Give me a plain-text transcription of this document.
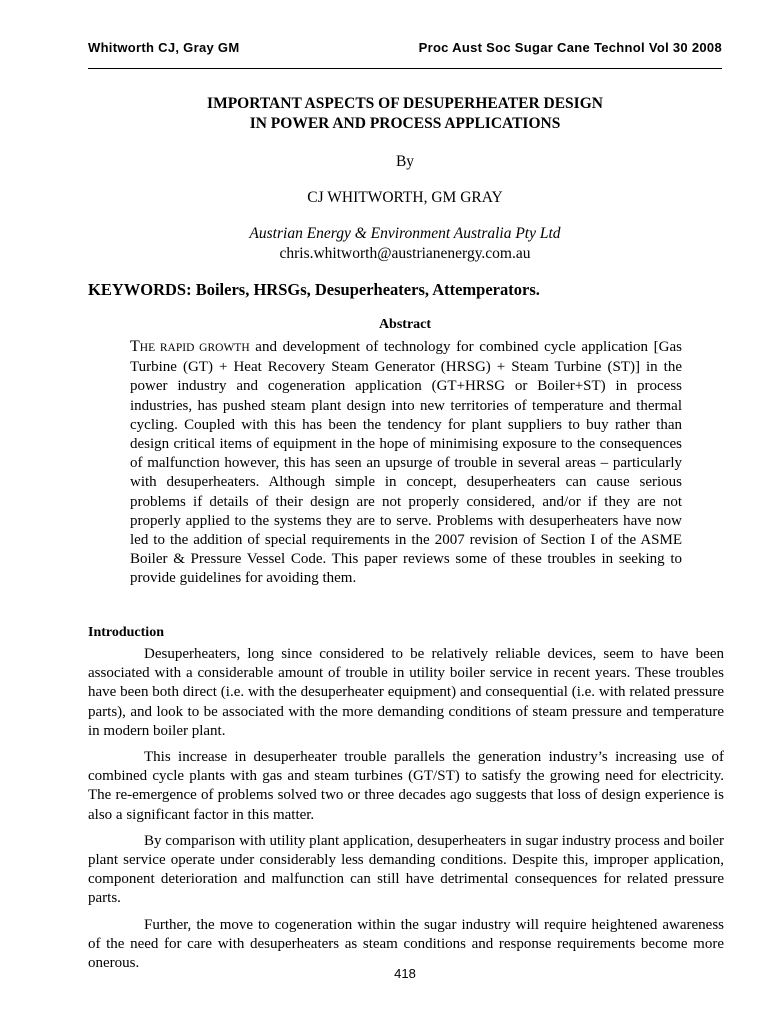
Whitworth CJ, Gray GM	Proc Aust Soc Sugar Cane Technol Vol 30 2008
IMPORTANT ASPECTS OF DESUPERHEATER DESIGN
IN POWER AND PROCESS APPLICATIONS
By
CJ WHITWORTH, GM GRAY
Austrian Energy & Environment Australia Pty Ltd
chris.whitworth@austrianenergy.com.au
KEYWORDS: Boilers, HRSGs, Desuperheaters, Attemperators.
Abstract
THE RAPID GROWTH and development of technology for combined cycle application [Gas Turbine (GT) + Heat Recovery Steam Generator (HRSG) + Steam Turbine (ST)] in the power industry and cogeneration application (GT+HRSG or Boiler+ST) in process industries, has pushed steam plant design into new territories of temperature and thermal cycling. Coupled with this has been the tendency for plant suppliers to buy rather than design critical items of equipment in the hope of minimising exposure to the consequences of malfunction however, this has seen an upsurge of trouble in several areas – particularly with desuperheaters. Although simple in concept, desuperheaters can cause serious problems if details of their design are not properly considered, and/or if they are not properly applied to the systems they are to serve. Problems with desuperheaters have now led to the addition of special requirements in the 2007 revision of Section I of the ASME Boiler & Pressure Vessel Code. This paper reviews some of these troubles in seeking to provide guidelines for avoiding them.
Introduction

Desuperheaters, long since considered to be relatively reliable devices, seem to have been associated with a considerable amount of trouble in utility boiler service in recent years. These troubles have been both direct (i.e. with the desuperheater equipment) and consequential (i.e. with related pressure parts), and look to be associated with the more demanding conditions of steam pressure and temperature in modern boiler plant.

This increase in desuperheater trouble parallels the generation industry’s increasing use of combined cycle plants with gas and steam turbines (GT/ST) to satisfy the growing need for electricity. The re-emergence of problems solved two or three decades ago suggests that loss of design experience is also a significant factor in this matter.

By comparison with utility plant application, desuperheaters in sugar industry process and boiler plant service operate under considerably less demanding conditions. Despite this, improper application, component deterioration and malfunction can still have detrimental consequences for related pressure parts.

Further, the move to cogeneration within the sugar industry will require heightened awareness of the need for care with desuperheaters as steam conditions and response requirements become more onerous.

418
